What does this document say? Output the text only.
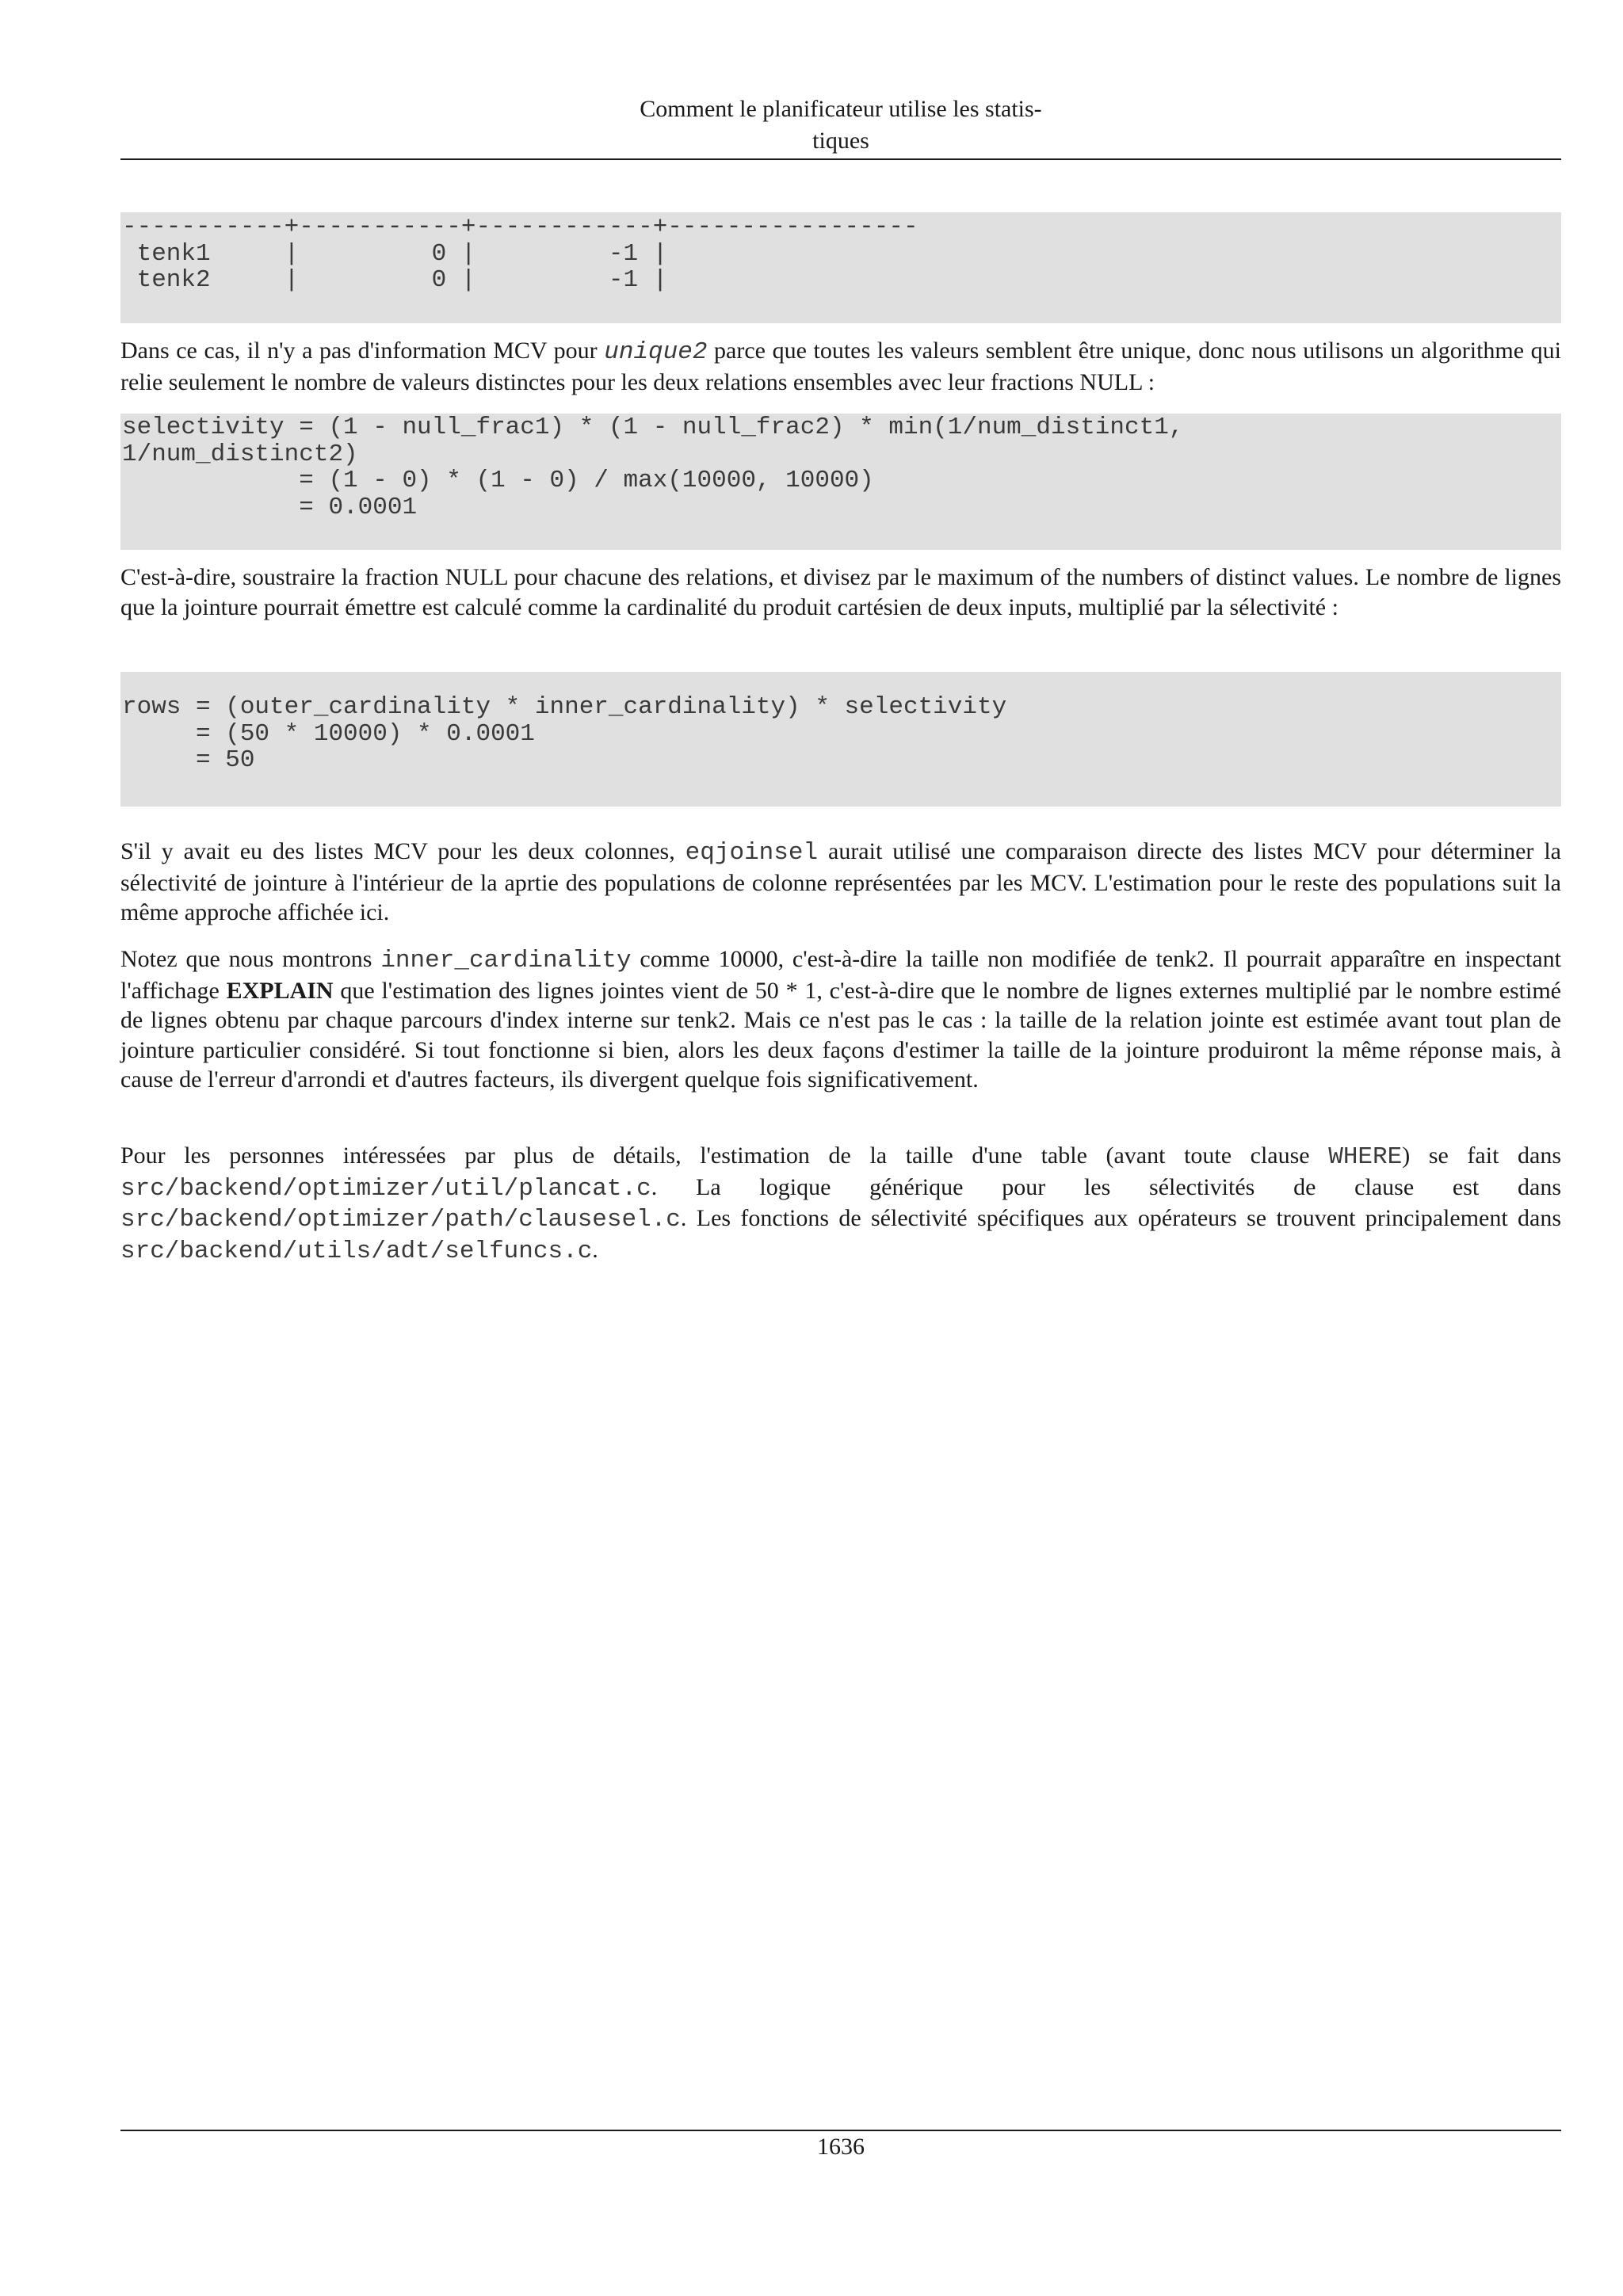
Comment le planificateur utilise les statis-
tiques
-----------+-----------+------------+-----------------
tenk1     |         0 |         -1 |
tenk2     |         0 |         -1 |

Dans ce cas, il n'y a pas d'information MCV pour unique2 parce que toutes les valeurs semblent être unique, donc nous utilisons un algorithme qui relie seulement le nombre de valeurs distinctes pour les deux relations ensembles avec leur fractions NULL :

selectivity = (1 - null_frac1) * (1 - null_frac2) * min(1/num_distinct1,
1/num_distinct2)
= (1 - 0) * (1 - 0) / max(10000, 10000)
= 0.0001

C'est-à-dire, soustraire la fraction NULL pour chacune des relations, et divisez par le maximum of the numbers of distinct values. Le nombre de lignes que la jointure pourrait émettre est calculé comme la cardinalité du produit cartésien de deux inputs, multiplié par la sélectivité :

rows = (outer_cardinality * inner_cardinality) * selectivity
= (50 * 10000) * 0.0001
= 50

S'il y avait eu des listes MCV pour les deux colonnes, eqjoinsel aurait utilisé une comparaison directe des listes MCV pour déterminer la sélectivité de jointure à l'intérieur de la aprtie des populations de colonne représentées par les MCV. L'estimation pour le reste des populations suit la même approche affichée ici.

Notez que nous montrons inner_cardinality comme 10000, c'est-à-dire la taille non modifiée de tenk2. Il pourrait apparaître en inspectant l'affichage EXPLAIN que l'estimation des lignes jointes vient de 50 * 1, c'est-à-dire que le nombre de lignes externes multiplié par le nombre estimé de lignes obtenu par chaque parcours d'index interne sur tenk2. Mais ce n'est pas le cas : la taille de la relation jointe est estimée avant tout plan de jointure particulier considéré. Si tout fonctionne si bien, alors les deux façons d'estimer la taille de la jointure produiront la même réponse mais, à cause de l'erreur d'arrondi et d'autres facteurs, ils divergent quelque fois significativement.

Pour les personnes intéressées par plus de détails, l'estimation de la taille d'une table (avant toute clause WHERE) se fait dans src/backend/optimizer/util/plancat.c. La logique générique pour les sélectivités de clause est dans src/backend/optimizer/path/clausesel.c. Les fonctions de sélectivité spécifiques aux opérateurs se trouvent principalement dans src/backend/utils/adt/selfuncs.c.

1636
